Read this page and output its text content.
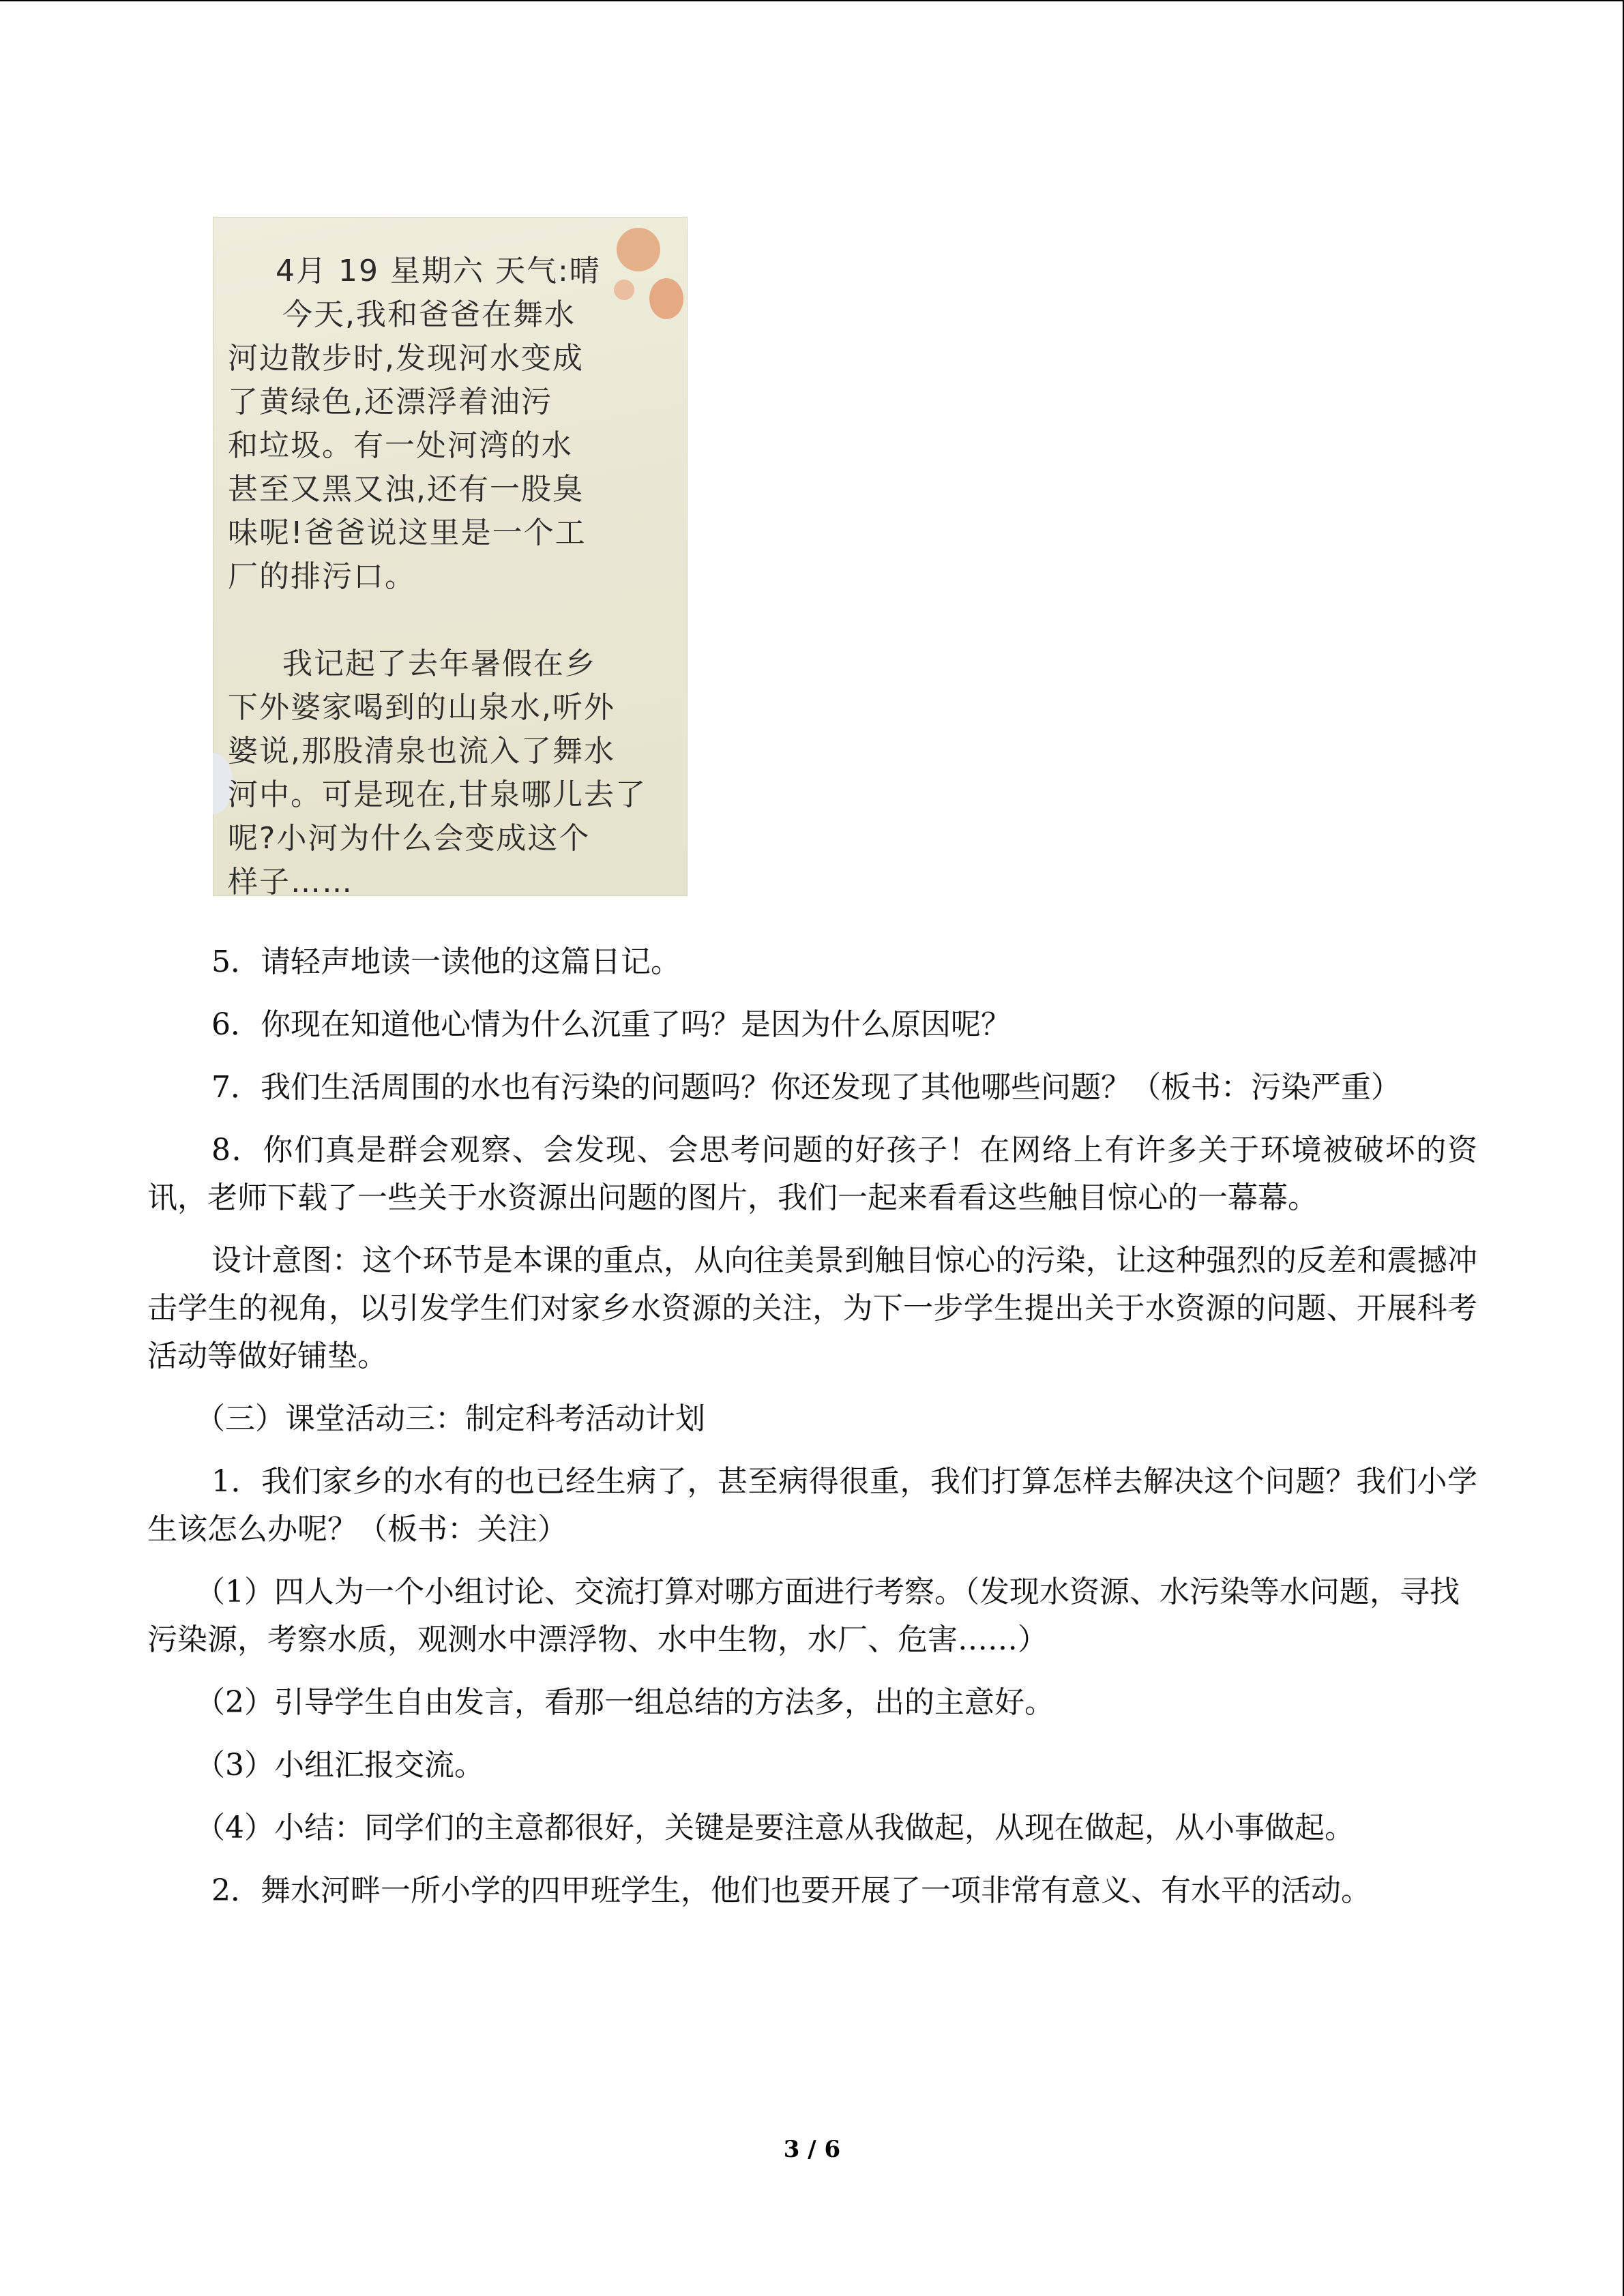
4月 19 星期六 天气:晴
今天,我和爸爸在舞水
河边散步时,发现河水变成
了黄绿色,还漂浮着油污
和垃圾。有一处河湾的水
甚至又黑又浊,还有一股臭
味呢!爸爸说这里是一个工
厂的排污口。
我记起了去年暑假在乡
下外婆家喝到的山泉水,听外
婆说,那股清泉也流入了舞水
河中。可是现在,甘泉哪儿去了
呢?小河为什么会变成这个
样子……

5．请轻声地读一读他的这篇日记。

6．你现在知道他心情为什么沉重了吗？是因为什么原因呢？

7．我们生活周围的水也有污染的问题吗？你还发现了其他哪些问题？（板书：污染严重）

8．你们真是群会观察、会发现、会思考问题的好孩子！在网络上有许多关于环境被破坏的资讯，老师下载了一些关于水资源出问题的图片，我们一起来看看这些触目惊心的一幕幕。

设计意图：这个环节是本课的重点，从向往美景到触目惊心的污染，让这种强烈的反差和震撼冲击学生的视角，以引发学生们对家乡水资源的关注，为下一步学生提出关于水资源的问题、开展科考活动等做好铺垫。

（三）课堂活动三：制定科考活动计划

1．我们家乡的水有的也已经生病了，甚至病得很重，我们打算怎样去解决这个问题？我们小学生该怎么办呢？（板书：关注）

（1）四人为一个小组讨论、交流打算对哪方面进行考察。（发现水资源、水污染等水问题，寻找污染源，考察水质，观测水中漂浮物、水中生物，水厂、危害……）

（2）引导学生自由发言，看那一组总结的方法多，出的主意好。

（3）小组汇报交流。

（4）小结：同学们的主意都很好，关键是要注意从我做起，从现在做起，从小事做起。

2．舞水河畔一所小学的四甲班学生，他们也要开展了一项非常有意义、有水平的活动。

3 / 6
